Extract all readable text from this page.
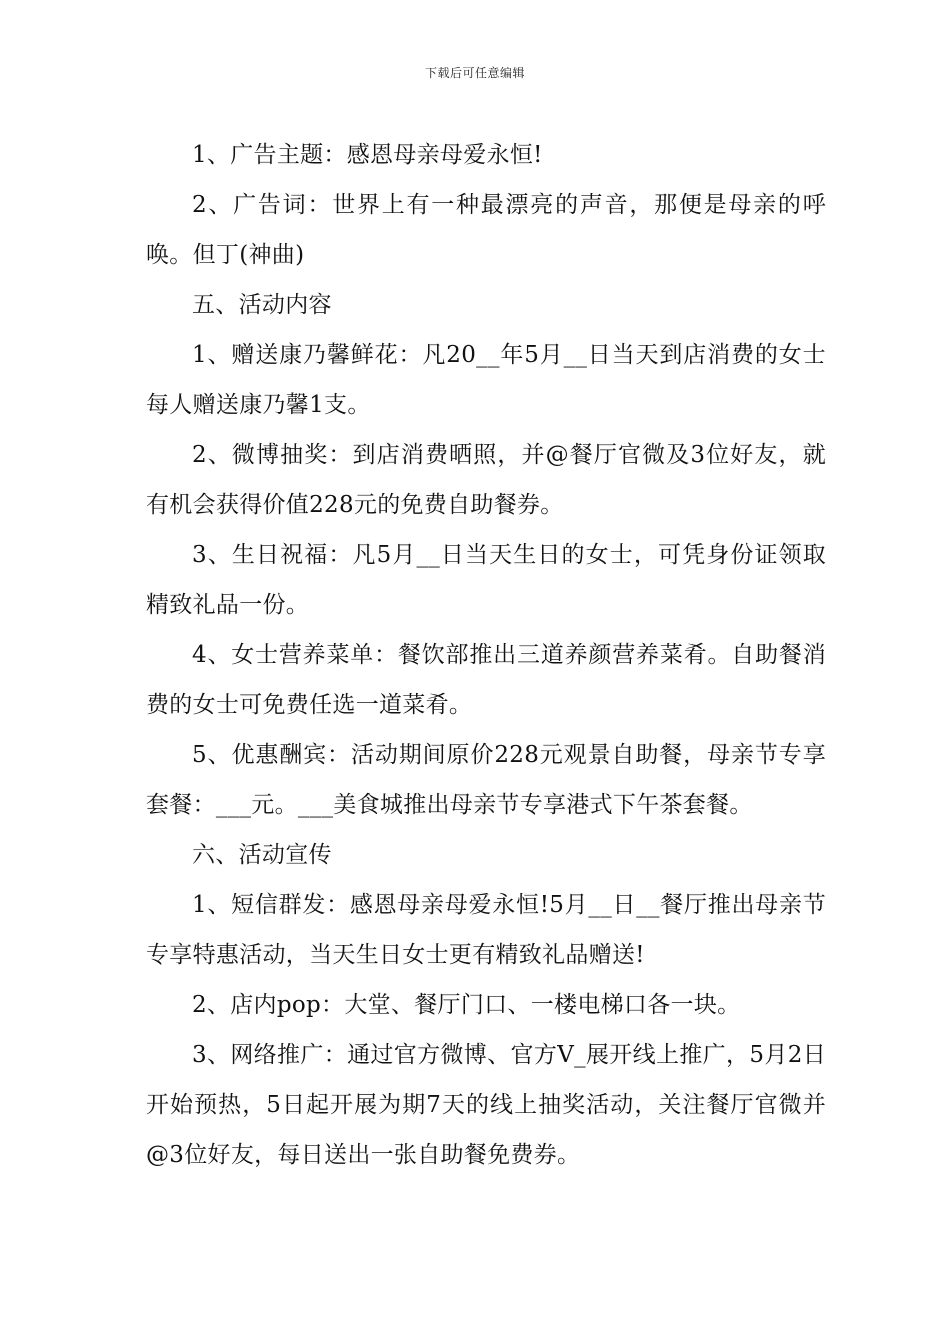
下载后可任意编辑

1、广告主题：感恩母亲母爱永恒!

2、广告词：世界上有一种最漂亮的声音，那便是母亲的呼唤。但丁(神曲)

五、活动内容

1、赠送康乃馨鲜花：凡20__年5月__日当天到店消费的女士每人赠送康乃馨1支。

2、微博抽奖：到店消费晒照，并@餐厅官微及3位好友，就有机会获得价值228元的免费自助餐券。

3、生日祝福：凡5月__日当天生日的女士，可凭身份证领取精致礼品一份。

4、女士营养菜单：餐饮部推出三道养颜营养菜肴。自助餐消费的女士可免费任选一道菜肴。

5、优惠酬宾：活动期间原价228元观景自助餐，母亲节专享套餐：___元。___美食城推出母亲节专享港式下午茶套餐。

六、活动宣传

1、短信群发：感恩母亲母爱永恒!5月__日__餐厅推出母亲节专享特惠活动，当天生日女士更有精致礼品赠送!

2、店内pop：大堂、餐厅门口、一楼电梯口各一块。

3、网络推广：通过官方微博、官方V_展开线上推广，5月2日开始预热，5日起开展为期7天的线上抽奖活动，关注餐厅官微并@3位好友，每日送出一张自助餐免费券。
